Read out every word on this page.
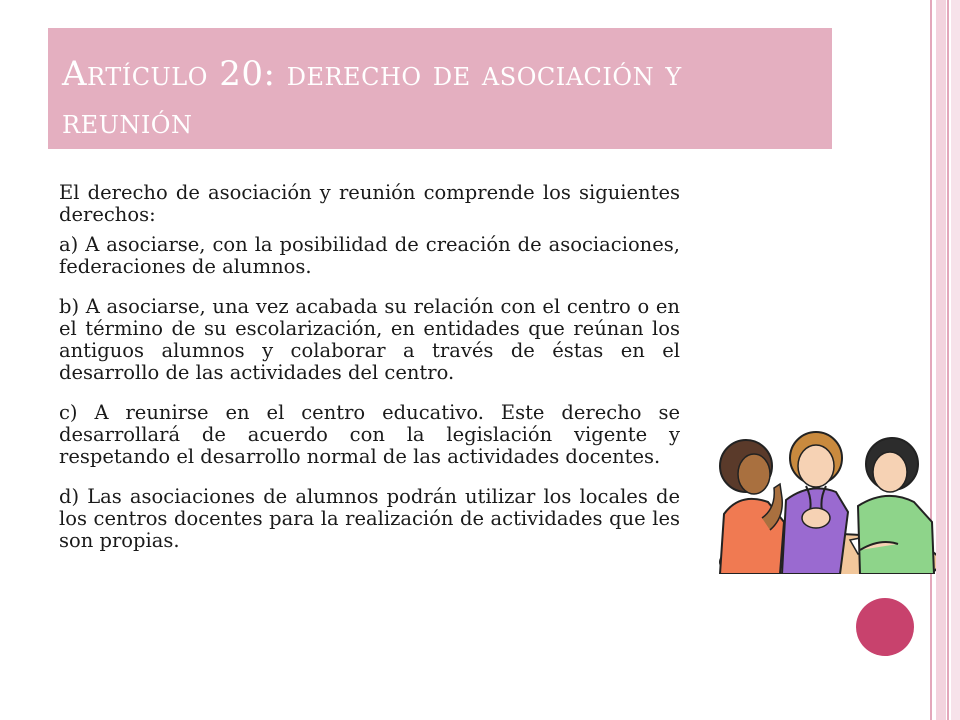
Artículo 20: derecho de asociación y reunión

El derecho de asociación y reunión comprende los siguientes derechos:

a) A asociarse, con la posibilidad de creación de asociaciones, federaciones de alumnos.

b) A asociarse, una vez acabada su relación con el centro o en el término de su escolarización, en entidades que reúnan los antiguos alumnos y colaborar a través de éstas en el desarrollo de las actividades del centro.

c) A reunirse en el centro educativo. Este derecho se desarrollará de acuerdo con la legislación vigente y respetando el desarrollo normal de las actividades docentes.

d) Las asociaciones de alumnos podrán utilizar los locales de los centros docentes para la realización de actividades que les son propias.
